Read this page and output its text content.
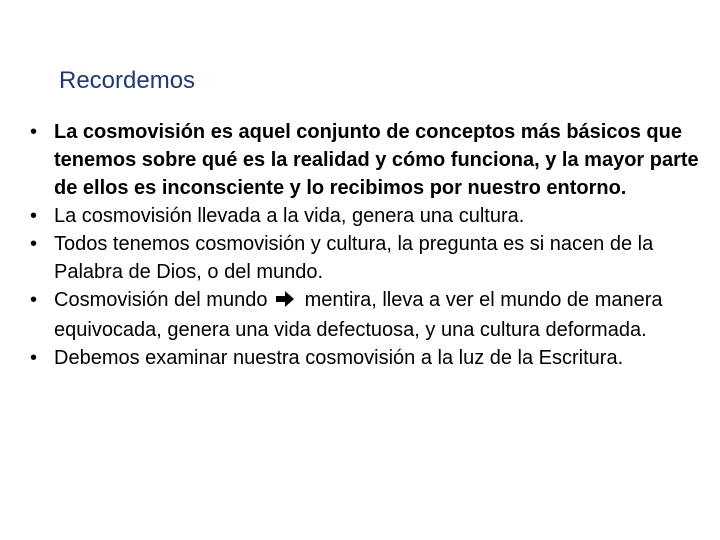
Recordemos
• La cosmovisión es aquel conjunto de conceptos más básicos que tenemos sobre qué es la realidad y cómo funciona, y la mayor parte de ellos es inconsciente y lo recibimos por nuestro entorno.
• La cosmovisión llevada a la vida, genera una cultura.
• Todos tenemos cosmovisión y cultura, la pregunta es si nacen de la Palabra de Dios, o del mundo.
• Cosmovisión del mundo mentira, lleva a ver el mundo de manera equivocada, genera una vida defectuosa, y una cultura deformada.
• Debemos examinar nuestra cosmovisión a la luz de la Escritura.
